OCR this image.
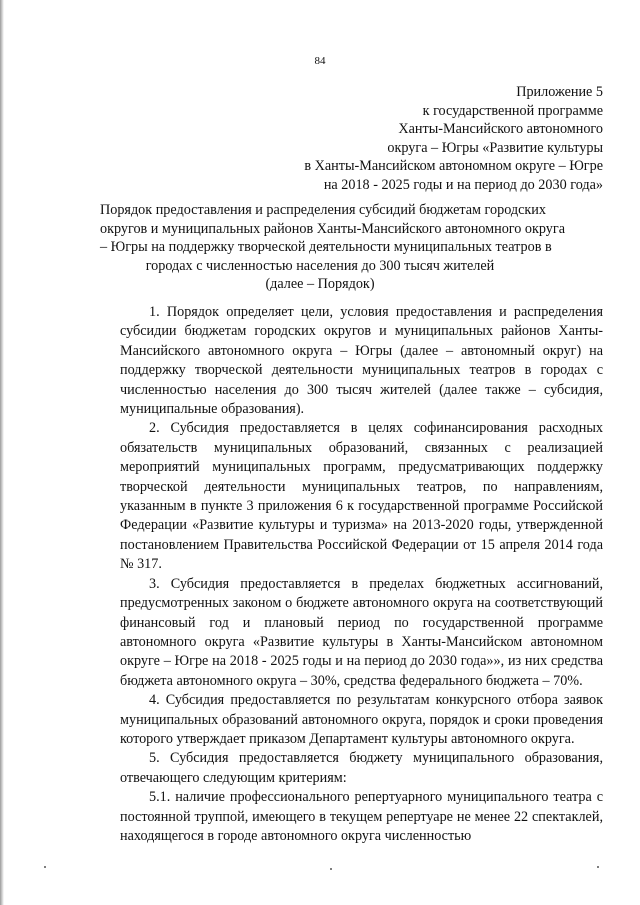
84
Приложение 5
к государственной программе
Ханты-Мансийского автономного
округа – Югры «Развитие культуры
в Ханты-Мансийском автономном округе – Югре
на 2018 - 2025 годы и на период до 2030 года»
Порядок предоставления и распределения субсидий бюджетам городских
округов и муниципальных районов Ханты-Мансийского автономного округа
– Югры на поддержку творческой деятельности муниципальных театров в
городах с численностью населения до 300 тысяч жителей
(далее – Порядок)

1. Порядок определяет цели, условия предоставления и распределения субсидии бюджетам городских округов и муниципальных районов Ханты-Мансийского автономного округа – Югры (далее – автономный округ) на поддержку творческой деятельности муниципальных театров в городах с численностью населения до 300 тысяч жителей (далее также – субсидия, муниципальные образования).

2. Субсидия предоставляется в целях софинансирования расходных обязательств муниципальных образований, связанных с реализацией мероприятий муниципальных программ, предусматривающих поддержку творческой деятельности муниципальных театров, по направлениям, указанным в пункте 3 приложения 6 к государственной программе Российской Федерации «Развитие культуры и туризма» на 2013-2020 годы, утвержденной постановлением Правительства Российской Федерации от 15 апреля 2014 года № 317.

3. Субсидия предоставляется в пределах бюджетных ассигнований, предусмотренных законом о бюджете автономного округа на соответствующий финансовый год и плановый период по государственной программе автономного округа «Развитие культуры в Ханты-Мансийском автономном округе – Югре на 2018 - 2025 годы и на период до 2030 года»», из них средства бюджета автономного округа – 30%, средства федерального бюджета – 70%.

4. Субсидия предоставляется по результатам конкурсного отбора заявок муниципальных образований автономного округа, порядок и сроки проведения которого утверждает приказом Департамент культуры автономного округа.

5. Субсидия предоставляется бюджету муниципального образования, отвечающего следующим критериям:

5.1. наличие профессионального репертуарного муниципального театра с постоянной труппой, имеющего в текущем репертуаре не менее 22 спектаклей, находящегося в городе автономного округа численностью
